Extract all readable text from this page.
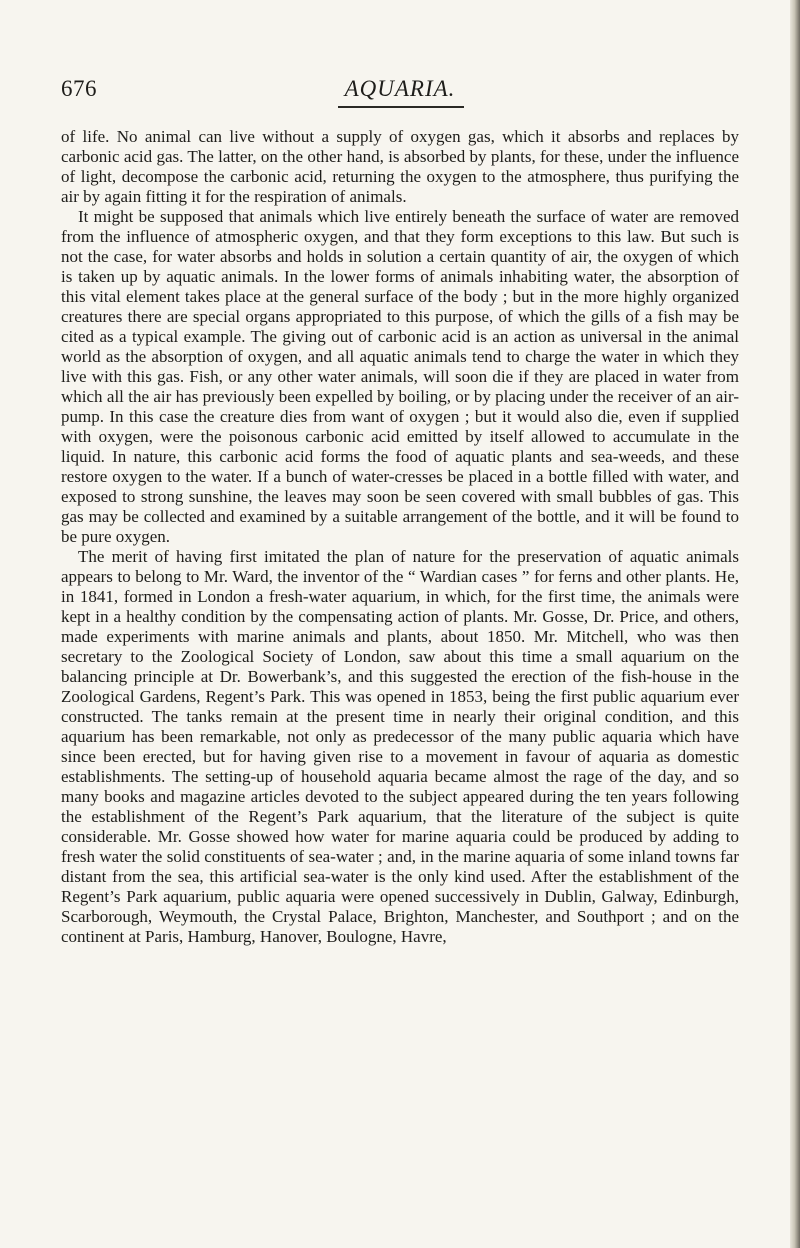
676	AQUARIA.

of life. No animal can live without a supply of oxygen gas, which it absorbs and replaces by carbonic acid gas. The latter, on the other hand, is absorbed by plants, for these, under the influence of light, decompose the carbonic acid, returning the oxygen to the atmosphere, thus purifying the air by again fitting it for the respiration of animals.

It might be supposed that animals which live entirely beneath the surface of water are removed from the influence of atmospheric oxygen, and that they form exceptions to this law. But such is not the case, for water absorbs and holds in solution a certain quantity of air, the oxygen of which is taken up by aquatic animals. In the lower forms of animals inhabiting water, the absorption of this vital element takes place at the general surface of the body ; but in the more highly organized creatures there are special organs appropriated to this purpose, of which the gills of a fish may be cited as a typical example. The giving out of carbonic acid is an action as universal in the animal world as the absorption of oxygen, and all aquatic animals tend to charge the water in which they live with this gas. Fish, or any other water animals, will soon die if they are placed in water from which all the air has previously been expelled by boiling, or by placing under the receiver of an air-pump. In this case the creature dies from want of oxygen ; but it would also die, even if supplied with oxygen, were the poisonous carbonic acid emitted by itself allowed to accumulate in the liquid. In nature, this carbonic acid forms the food of aquatic plants and sea-weeds, and these restore oxygen to the water. If a bunch of water-cresses be placed in a bottle filled with water, and exposed to strong sunshine, the leaves may soon be seen covered with small bubbles of gas. This gas may be collected and examined by a suitable arrangement of the bottle, and it will be found to be pure oxygen.

The merit of having first imitated the plan of nature for the preservation of aquatic animals appears to belong to Mr. Ward, the inventor of the “ Wardian cases ” for ferns and other plants. He, in 1841, formed in London a fresh-water aquarium, in which, for the first time, the animals were kept in a healthy condition by the compensating action of plants. Mr. Gosse, Dr. Price, and others, made experiments with marine animals and plants, about 1850. Mr. Mitchell, who was then secretary to the Zoological Society of London, saw about this time a small aquarium on the balancing principle at Dr. Bowerbank’s, and this suggested the erection of the fish-house in the Zoological Gardens, Regent’s Park. This was opened in 1853, being the first public aquarium ever constructed. The tanks remain at the present time in nearly their original condition, and this aquarium has been remarkable, not only as predecessor of the many public aquaria which have since been erected, but for having given rise to a movement in favour of aquaria as domestic establishments. The setting-up of household aquaria became almost the rage of the day, and so many books and magazine articles devoted to the subject appeared during the ten years following the establishment of the Regent’s Park aquarium, that the literature of the subject is quite considerable. Mr. Gosse showed how water for marine aquaria could be produced by adding to fresh water the solid constituents of sea-water ; and, in the marine aquaria of some inland towns far distant from the sea, this artificial sea-water is the only kind used. After the establishment of the Regent’s Park aquarium, public aquaria were opened successively in Dublin, Galway, Edinburgh, Scarborough, Weymouth, the Crystal Palace, Brighton, Manchester, and Southport ; and on the continent at Paris, Hamburg, Hanover, Boulogne, Havre,
